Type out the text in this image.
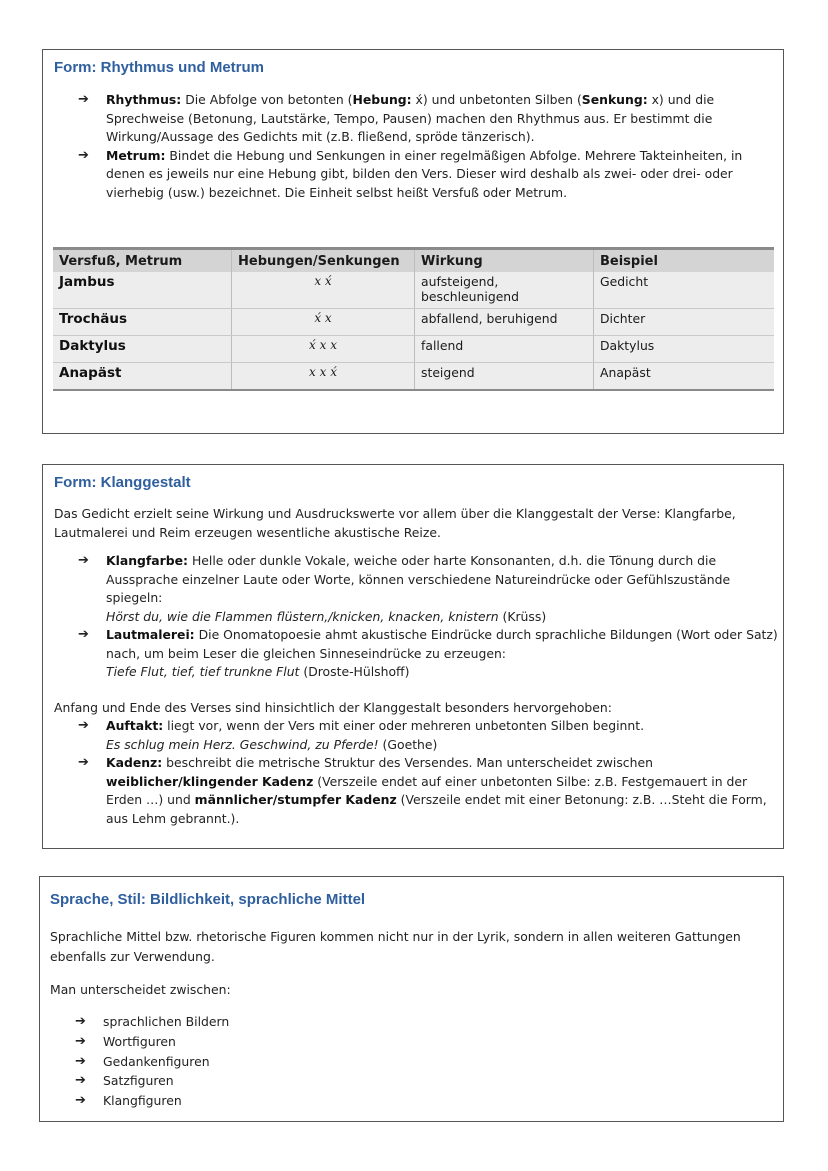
Form: Rhythmus und Metrum
➔ Rhythmus: Die Abfolge von betonten (Hebung: x́) und unbetonten Silben (Senkung: x) und die Sprechweise (Betonung, Lautstärke, Tempo, Pausen) machen den Rhythmus aus. Er bestimmt die Wirkung/Aussage des Gedichts mit (z.B. fließend, spröde tänzerisch).
➔ Metrum: Bindet die Hebung und Senkungen in einer regelmäßigen Abfolge. Mehrere Takteinheiten, in denen es jeweils nur eine Hebung gibt, bilden den Vers. Dieser wird deshalb als zwei- oder drei- oder vierhebig (usw.) bezeichnet. Die Einheit selbst heißt Versfuß oder Metrum.
Versfuß, Metrum	Hebungen/Senkungen	Wirkung	Beispiel
Jambus	x x́	aufsteigend, beschleunigend	Gedicht
Trochäus	x́ x	abfallend, beruhigend	Dichter
Daktylus	x́ x x	fallend	Daktylus
Anapäst	x x x́	steigend	Anapäst
Form: Klanggestalt
Das Gedicht erzielt seine Wirkung und Ausdruckswerte vor allem über die Klanggestalt der Verse: Klangfarbe, Lautmalerei und Reim erzeugen wesentliche akustische Reize.
➔ Klangfarbe: Helle oder dunkle Vokale, weiche oder harte Konsonanten, d.h. die Tönung durch die Aussprache einzelner Laute oder Worte, können verschiedene Natureindrücke oder Gefühlszustände spiegeln:
Hörst du, wie die Flammen flüstern,/knicken, knacken, knistern (Krüss)
➔ Lautmalerei: Die Onomatopoesie ahmt akustische Eindrücke durch sprachliche Bildungen (Wort oder Satz) nach, um beim Leser die gleichen Sinneseindrücke zu erzeugen:
Tiefe Flut, tief, tief trunkne Flut (Droste-Hülshoff)
Anfang und Ende des Verses sind hinsichtlich der Klanggestalt besonders hervorgehoben:
➔ Auftakt: liegt vor, wenn der Vers mit einer oder mehreren unbetonten Silben beginnt.
Es schlug mein Herz. Geschwind, zu Pferde! (Goethe)
➔ Kadenz: beschreibt die metrische Struktur des Versendes. Man unterscheidet zwischen weiblicher/klingender Kadenz (Verszeile endet auf einer unbetonten Silbe: z.B. Festgemauert in der Erden …) und männlicher/stumpfer Kadenz (Verszeile endet mit einer Betonung: z.B. …Steht die Form, aus Lehm gebrannt.).
Sprache, Stil: Bildlichkeit, sprachliche Mittel
Sprachliche Mittel bzw. rhetorische Figuren kommen nicht nur in der Lyrik, sondern in allen weiteren Gattungen ebenfalls zur Verwendung.
Man unterscheidet zwischen:
➔ sprachlichen Bildern
➔ Wortfiguren
➔ Gedankenfiguren
➔ Satzfiguren
➔ Klangfiguren
